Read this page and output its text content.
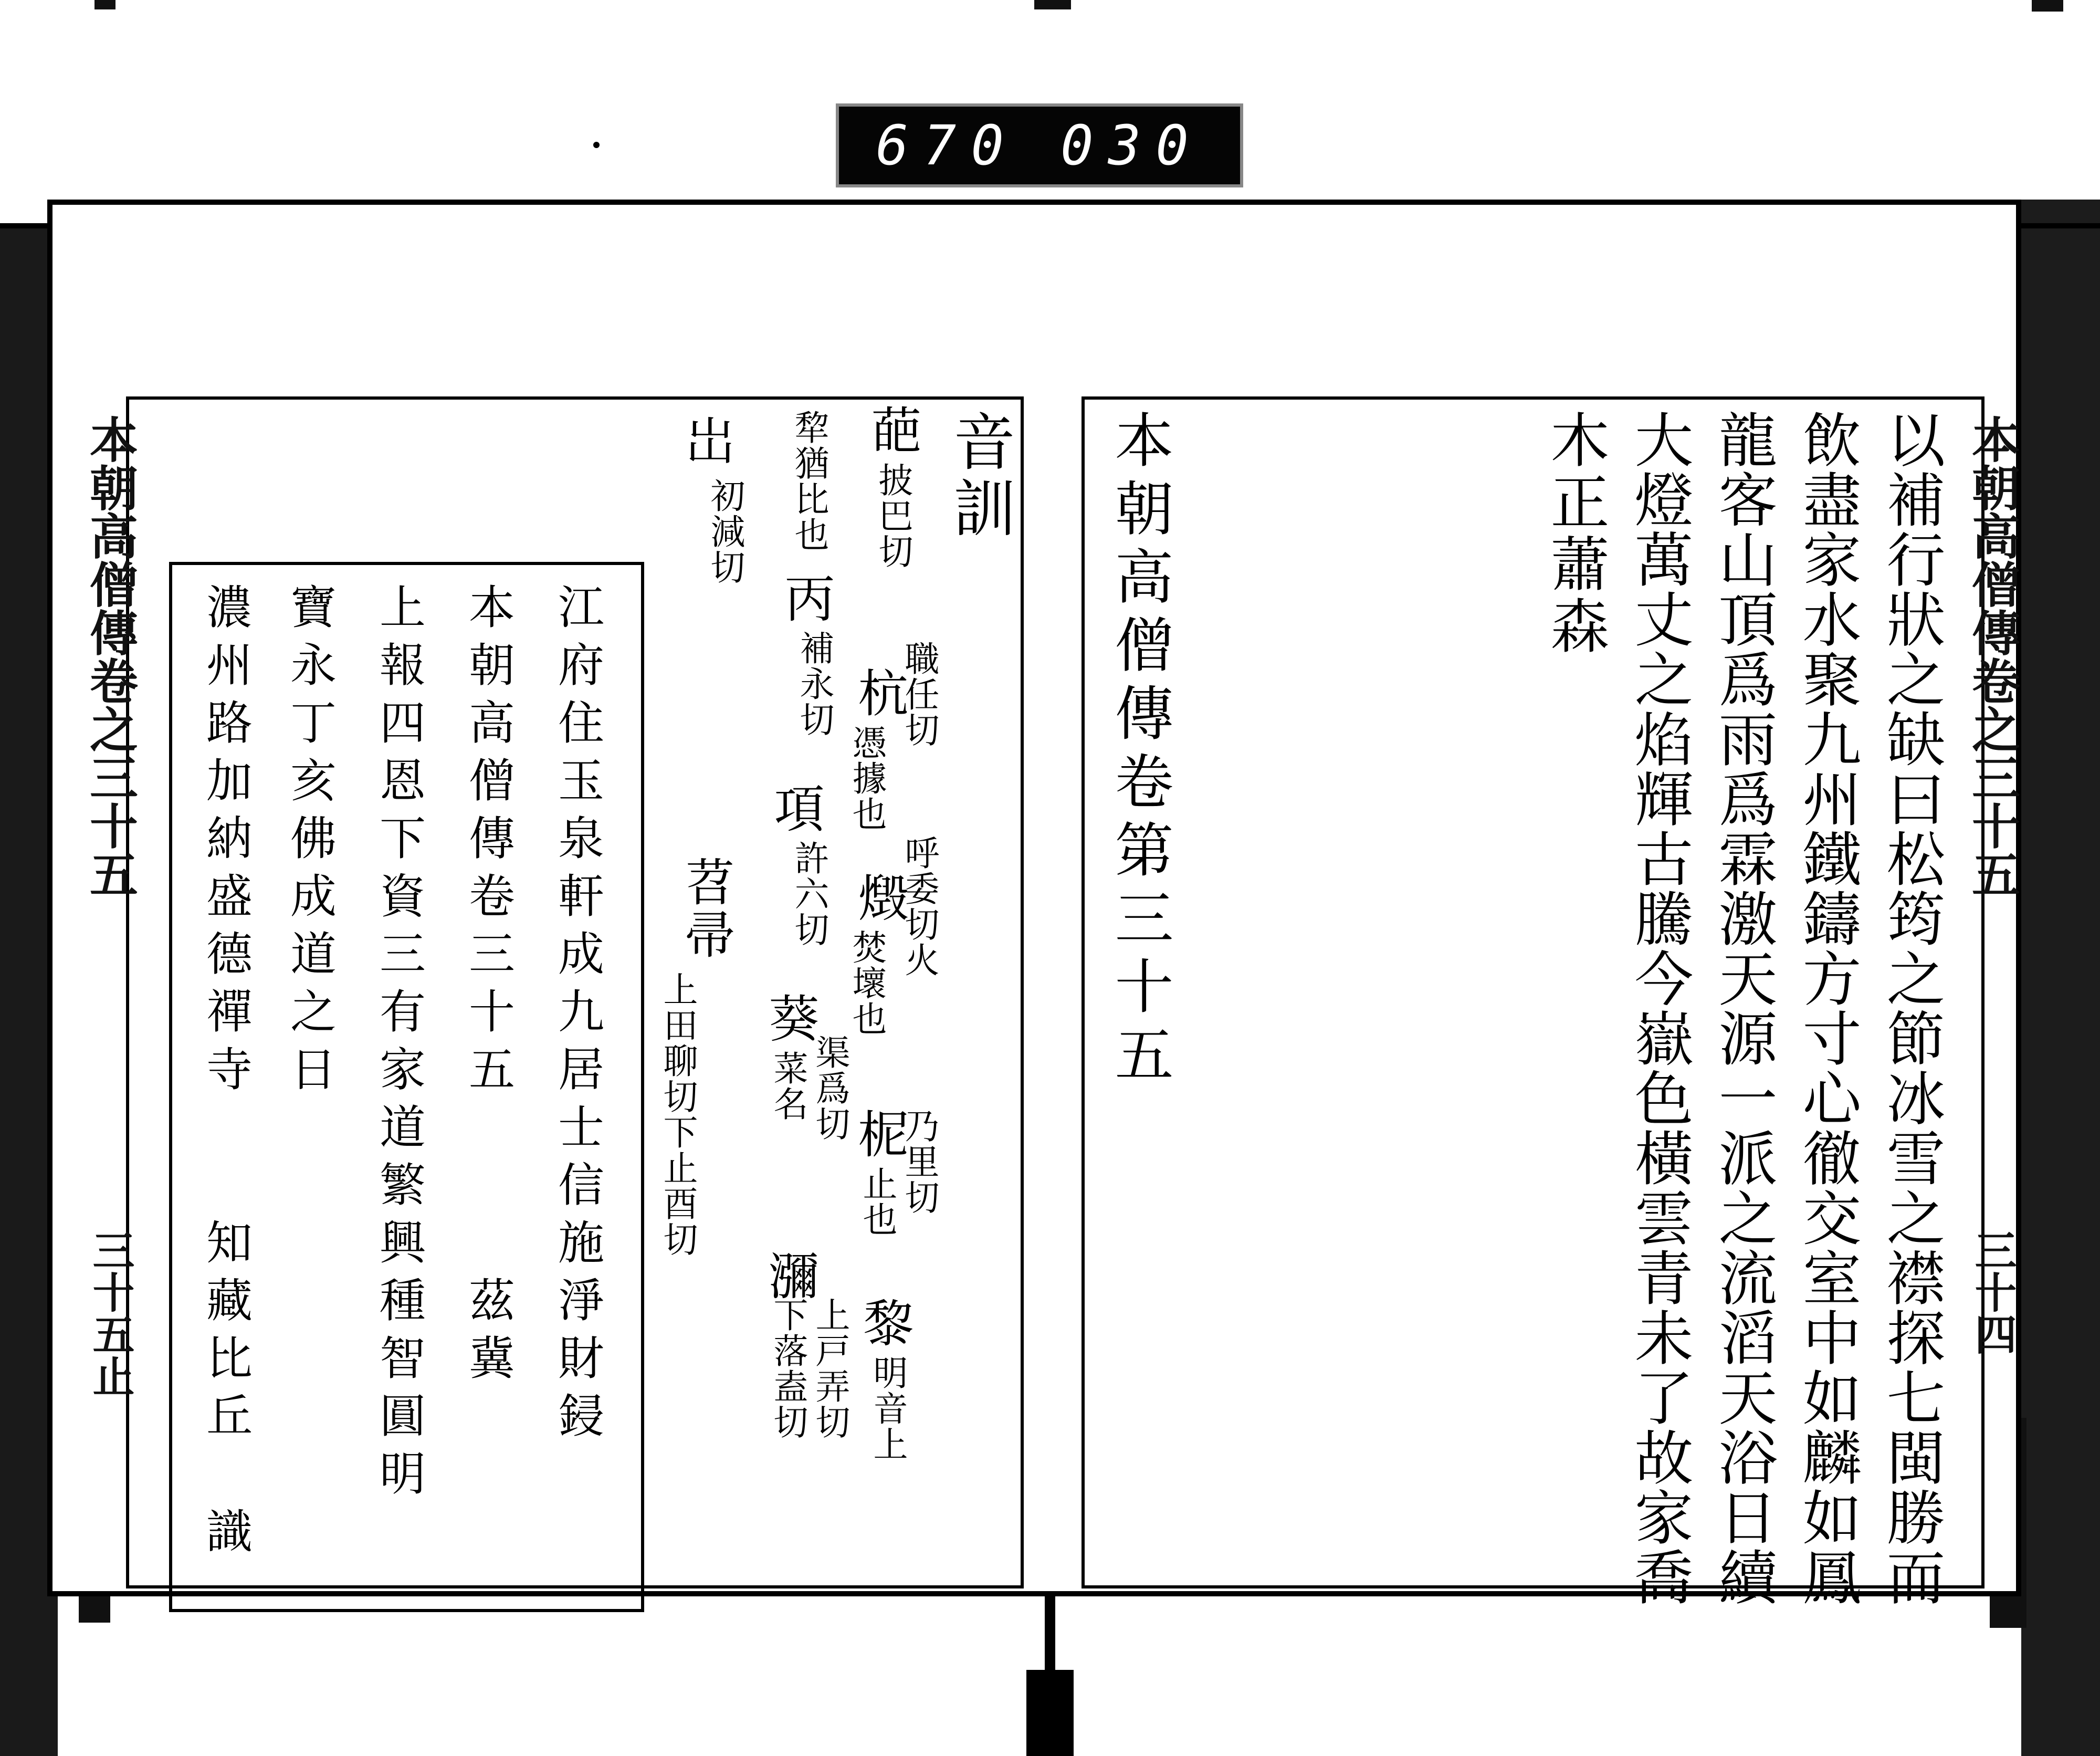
670 030
本朝高僧傳卷之三十五
三十五止
音訓
葩
披巴切
職任切
杭
憑據也
呼委切火
燬
焚壞也
柅
乃里切
止也
黎
明音上
犂猶比也
丙
補永切
項
許六切
葵
渠爲切
菜名
瀰
上戸弄切
下落盍切
岀
初減切
苕帚
上田聊切下止酉切
江府住玉泉軒成九居士信施淨財鋟
本朝高僧傳卷三十五　　　茲冀
上報四恩下資三有家道繁興種智圓明
寶永丁亥佛成道之日
濃州路加納盛德禪寺　　知藏比丘　識	本朝高僧傳卷之三十五
三十四
以補行狀之缺曰松筠之節冰雪之襟探七閩勝而
飲盡家水聚九州鐵鑄方寸心徹交室中如麟如鳳
龍客山頂爲雨爲霖激天源一派之流滔天浴日續
大燈萬丈之焰輝古騰今嶽色橫雲青未了故家喬
木正蕭森
本朝高僧傳卷第三十五
